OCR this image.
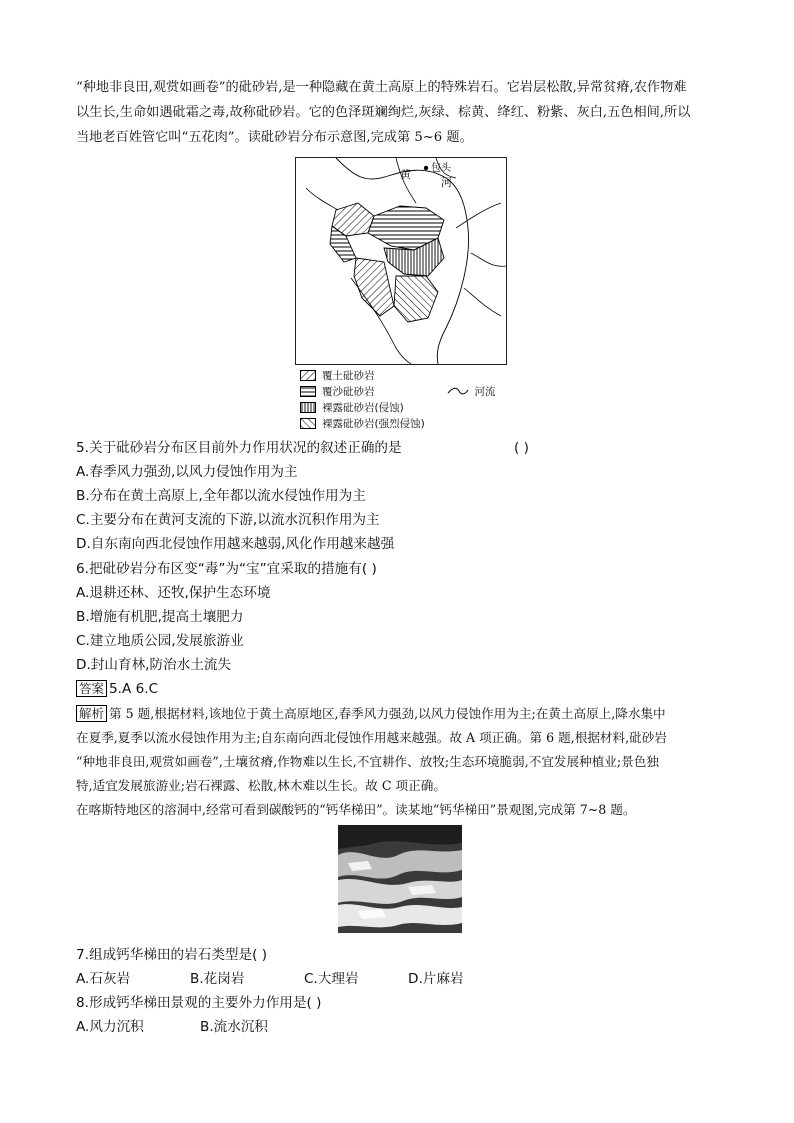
“种地非良田,观赏如画卷”的砒砂岩,是一种隐藏在黄土高原上的特殊岩石。它岩层松散,异常贫瘠,农作物难

以生长,生命如遇砒霜之毒,故称砒砂岩。它的色泽斑斓绚烂,灰绿、棕黄、绛红、粉紫、灰白,五色相间,所以

当地老百姓管它叫“五花肉”。读砒砂岩分布示意图,完成第 5~6 题。

包头
黄
河
覆土砒砂岩
覆沙砒砂岩	河流
裸露砒砂岩(侵蚀)
裸露砒砂岩(强烈侵蚀)

5.关于砒砂岩分布区目前外力作用状况的叙述正确的是	( )

A.春季风力强劲,以风力侵蚀作用为主

B.分布在黄土高原上,全年都以流水侵蚀作用为主

C.主要分布在黄河支流的下游,以流水沉积作用为主

D.自东南向西北侵蚀作用越来越弱,风化作用越来越强

6.把砒砂岩分布区变“毒”为“宝”宜采取的措施有( )

A.退耕还林、还牧,保护生态环境

B.增施有机肥,提高土壤肥力

C.建立地质公园,发展旅游业

D.封山育林,防治水土流失

答案 5.A 6.C

解析 第 5 题,根据材料,该地位于黄土高原地区,春季风力强劲,以风力侵蚀作用为主;在黄土高原上,降水集中

在夏季,夏季以流水侵蚀作用为主;自东南向西北侵蚀作用越来越强。故 A 项正确。第 6 题,根据材料,砒砂岩

“种地非良田,观赏如画卷”,土壤贫瘠,作物难以生长,不宜耕作、放牧;生态环境脆弱,不宜发展种植业;景色独

特,适宜发展旅游业;岩石裸露、松散,林木难以生长。故 C 项正确。

在喀斯特地区的溶洞中,经常可看到碳酸钙的“钙华梯田”。读某地“钙华梯田”景观图,完成第 7~8 题。

7.组成钙华梯田的岩石类型是( )

A.石灰岩	B.花岗岩	C.大理岩	D.片麻岩

8.形成钙华梯田景观的主要外力作用是( )

A.风力沉积	B.流水沉积
